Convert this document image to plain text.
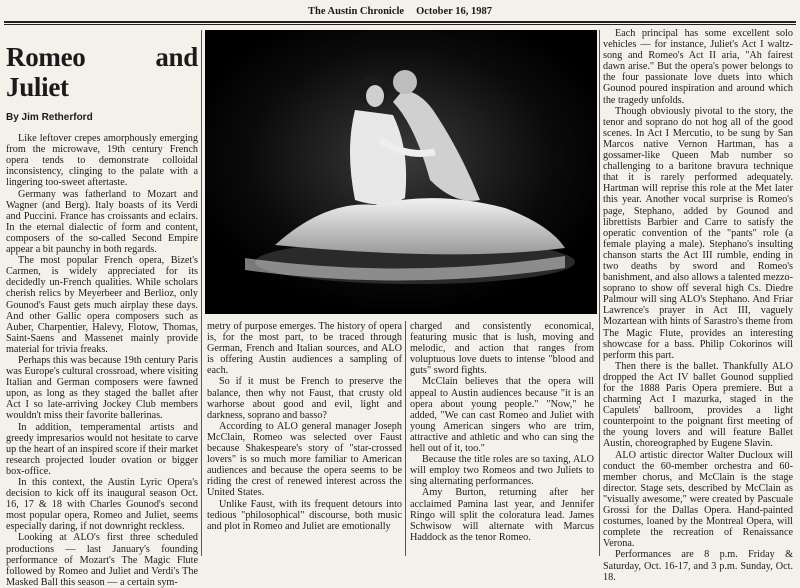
The Austin Chronicle October 16, 1987
Romeo and Juliet
By Jim Retherford

Like leftover crepes amorphously emerging from the microwave, 19th century French opera tends to demonstrate colloidal inconsistency, clinging to the palate with a lingering too-sweet aftertaste.

Germany was fatherland to Mozart and Wagner (and Berg). Italy boasts of its Verdi and Puccini. France has croissants and eclairs. In the eternal dialectic of form and content, composers of the so-called Second Empire appear a bit paunchy in both regards.

The most popular French opera, Bizet's Carmen, is widely appreciated for its decidedly un-French qualities. While scholars cherish relics by Meyerbeer and Berlioz, only Gounod's Faust gets much airplay these days. And other Gallic opera composers such as Auber, Charpentier, Halevy, Flotow, Thomas, Saint-Saens and Massenet mainly provide material for trivia freaks.

Perhaps this was because 19th century Paris was Europe's cultural crossroad, where visiting Italian and German composers were fawned upon, as long as they staged the ballet after Act I so late-arriving Jockey Club members wouldn't miss their favorite ballerinas.

In addition, temperamental artists and greedy impresarios would not hesitate to carve up the heart of an inspired score if their market research projected louder ovation or bigger box-office.

In this context, the Austin Lyric Opera's decision to kick off its inaugural season Oct. 16, 17 & 18 with Charles Gounod's second most popular opera, Romeo and Juliet, seems especially daring, if not downright reckless.

Looking at ALO's first three scheduled productions — last January's founding performance of Mozart's The Magic Flute followed by Romeo and Juliet and Verdi's The Masked Ball this season — a certain sym-

PHOTO BY CAREY FOUTS

metry of purpose emerges. The history of opera is, for the most part, to be traced through German, French and Italian sources, and ALO is offering Austin audiences a sampling of each.

So if it must be French to preserve the balance, then why not Faust, that crusty old warhorse about good and evil, light and darkness, soprano and basso?

According to ALO general manager Joseph McClain, Romeo was selected over Faust because Shakespeare's story of "star-crossed lovers" is so much more familiar to American audiences and because the opera seems to be riding the crest of renewed interest across the United States.

Unlike Faust, with its frequent detours into tedious "philosophical" discourse, both music and plot in Romeo and Juliet are emotionally

charged and consistently economical, featuring music that is lush, moving and melodic, and action that ranges from voluptuous love duets to intense "blood and guts" sword fights.

McClain believes that the opera will appeal to Austin audiences because "it is an opera about young people." "Now," he added, "We can cast Romeo and Juliet with young American singers who are trim, attractive and athletic and who can sing the hell out of it, too."

Because the title roles are so taxing, ALO will employ two Romeos and two Juliets to sing alternating performances.

Amy Burton, returning after her acclaimed Pamina last year, and Jennifer Ringo will split the coloratura lead. James Schwisow will alternate with Marcus Haddock as the tenor Romeo.

Each principal has some excellent solo vehicles — for instance, Juliet's Act I waltz-song and Romeo's Act II aria, "Ah fairest dawn arise." But the opera's power belongs to the four passionate love duets into which Gounod poured inspiration and around which the tragedy unfolds.

Though obviously pivotal to the story, the tenor and soprano do not hog all of the good scenes. In Act I Mercutio, to be sung by San Marcos native Vernon Hartman, has a gossamer-like Queen Mab number so challenging to a baritone bravura technique that it is rarely performed adequately. Hartman will reprise this role at the Met later this year. Another vocal surprise is Romeo's page, Stephano, added by Gounod and librettists Barbier and Carre to satisfy the operatic convention of the "pants" role (a female playing a male). Stephano's insulting chanson starts the Act III rumble, ending in two deaths by sword and Romeo's banishment, and also allows a talented mezzo-soprano to show off several high Cs. Diedre Palmour will sing ALO's Stephano. And Friar Lawrence's prayer in Act III, vaguely Mozartean with hints of Sarastro's theme from The Magic Flute, provides an interesting showcase for a bass. Philip Cokorinos will perform this part.

Then there is the ballet. Thankfully ALO dropped the Act IV ballet Gounod supplied for the 1888 Paris Opera premiere. But a charming Act I mazurka, staged in the Capulets' ballroom, provides a light counterpoint to the poignant first meeting of the young lovers and will feature Ballet Austin, choreographed by Eugene Slavin.

ALO artistic director Walter Ducloux will conduct the 60-member orchestra and 60-member chorus, and McClain is the stage director. Stage sets, described by McClain as "visually awesome," were created by Pascuale Grossi for the Dallas Opera. Hand-painted costumes, loaned by the Montreal Opera, will complete the recreation of Renaissance Verona.

Performances are 8 p.m. Friday & Saturday, Oct. 16-17, and 3 p.m. Sunday, Oct. 18.
